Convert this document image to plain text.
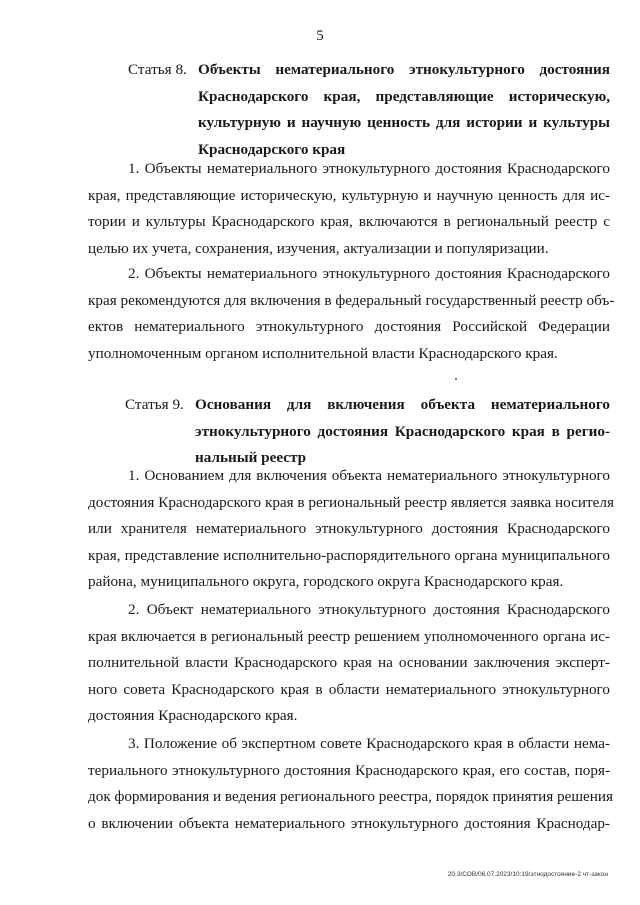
5
Статья 8. Объекты нематериального этнокультурного достояния
Краснодарского края, представляющие историческую,
культурную и научную ценность для истории и культуры
Краснодарского края
1. Объекты нематериального этнокультурного достояния Краснодарского
края, представляющие историческую, культурную и научную ценность для ис-
тории и культуры Краснодарского края, включаются в региональный реестр с
целью их учета, сохранения, изучения, актуализации и популяризации.
2. Объекты нематериального этнокультурного достояния Краснодарского
края рекомендуются для включения в федеральный государственный реестр объ-
ектов нематериального этнокультурного достояния Российской Федерации
уполномоченным органом исполнительной власти Краснодарского края.
Статья 9. Основания для включения объекта нематериального
этнокультурного достояния Краснодарского края в регио-
нальный реестр
1. Основанием для включения объекта нематериального этнокультурного
достояния Краснодарского края в региональный реестр является заявка носителя
или хранителя нематериального этнокультурного достояния Краснодарского
края, представление исполнительно-распорядительного органа муниципального
района, муниципального округа, городского округа Краснодарского края.
2. Объект нематериального этнокультурного достояния Краснодарского
края включается в региональный реестр решением уполномоченного органа ис-
полнительной власти Краснодарского края на основании заключения эксперт-
ного совета Краснодарского края в области нематериального этнокультурного
достояния Краснодарского края.
3. Положение об экспертном совете Краснодарского края в области нема-
териального этнокультурного достояния Краснодарского края, его состав, поря-
док формирования и ведения регионального реестра, порядок принятия решения
о включении объекта нематериального этнокультурного достояния Краснодар-
20.3/СОВ/06.07.2023/10:19/этнодостояние-2 чт-закон
